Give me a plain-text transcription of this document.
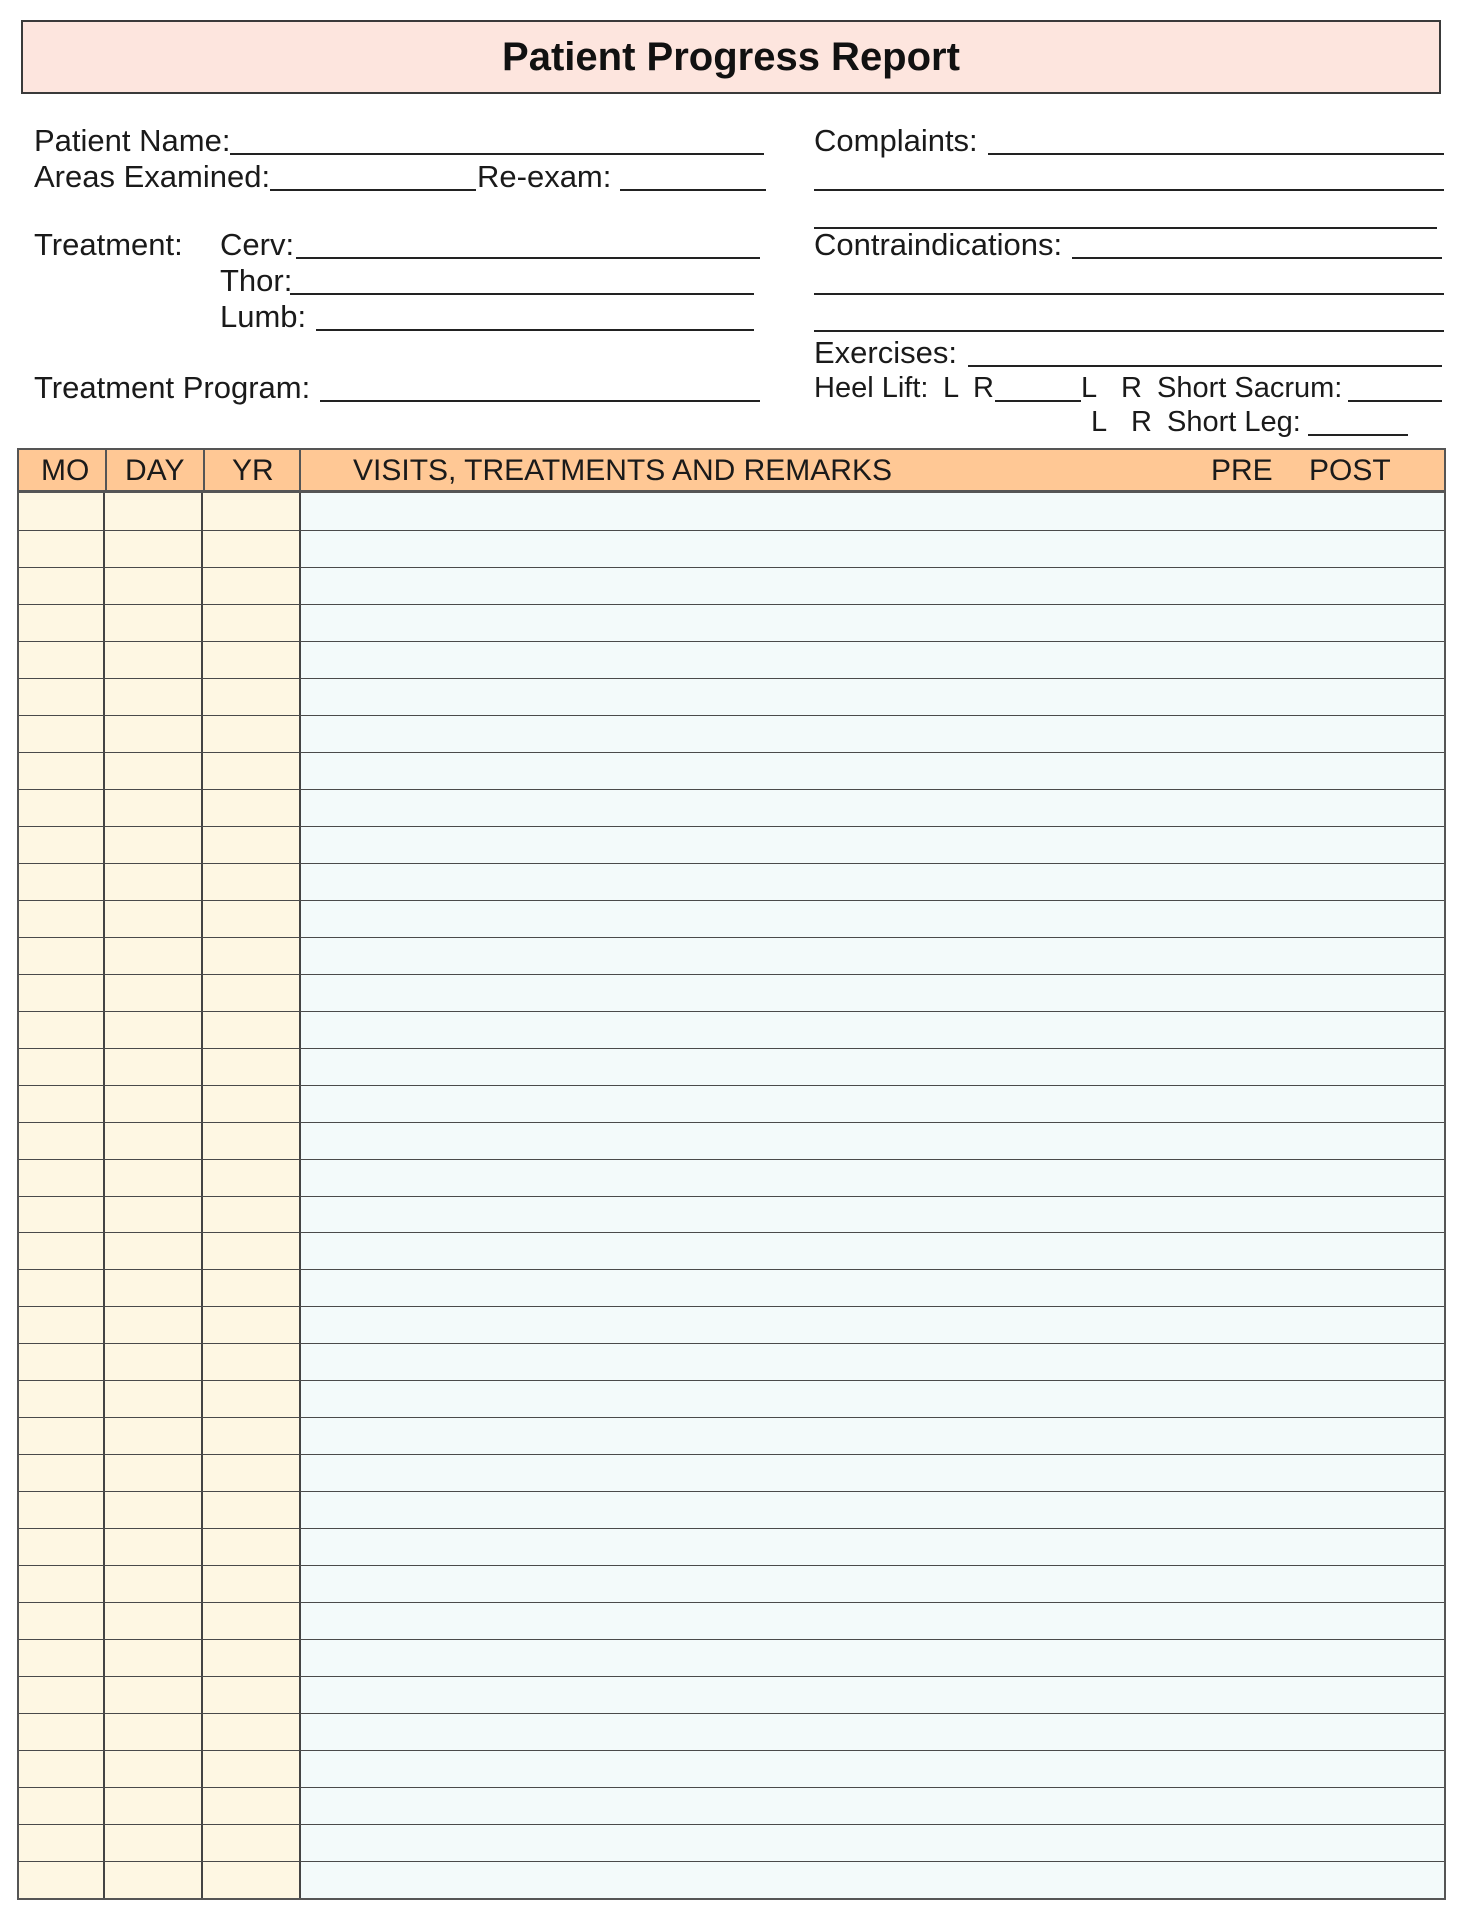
Patient Progress Report
Patient Name:
Areas Examined:	Re-exam:
Treatment: Cerv:
Thor:
Lumb:
Treatment Program:
Complaints:
Contraindications:
Exercises:
Heel Lift: L R	L R Short Sacrum:
L R Short Leg:
MO DAY YR	VISITS, TREATMENTS AND REMARKS	PRE POST
